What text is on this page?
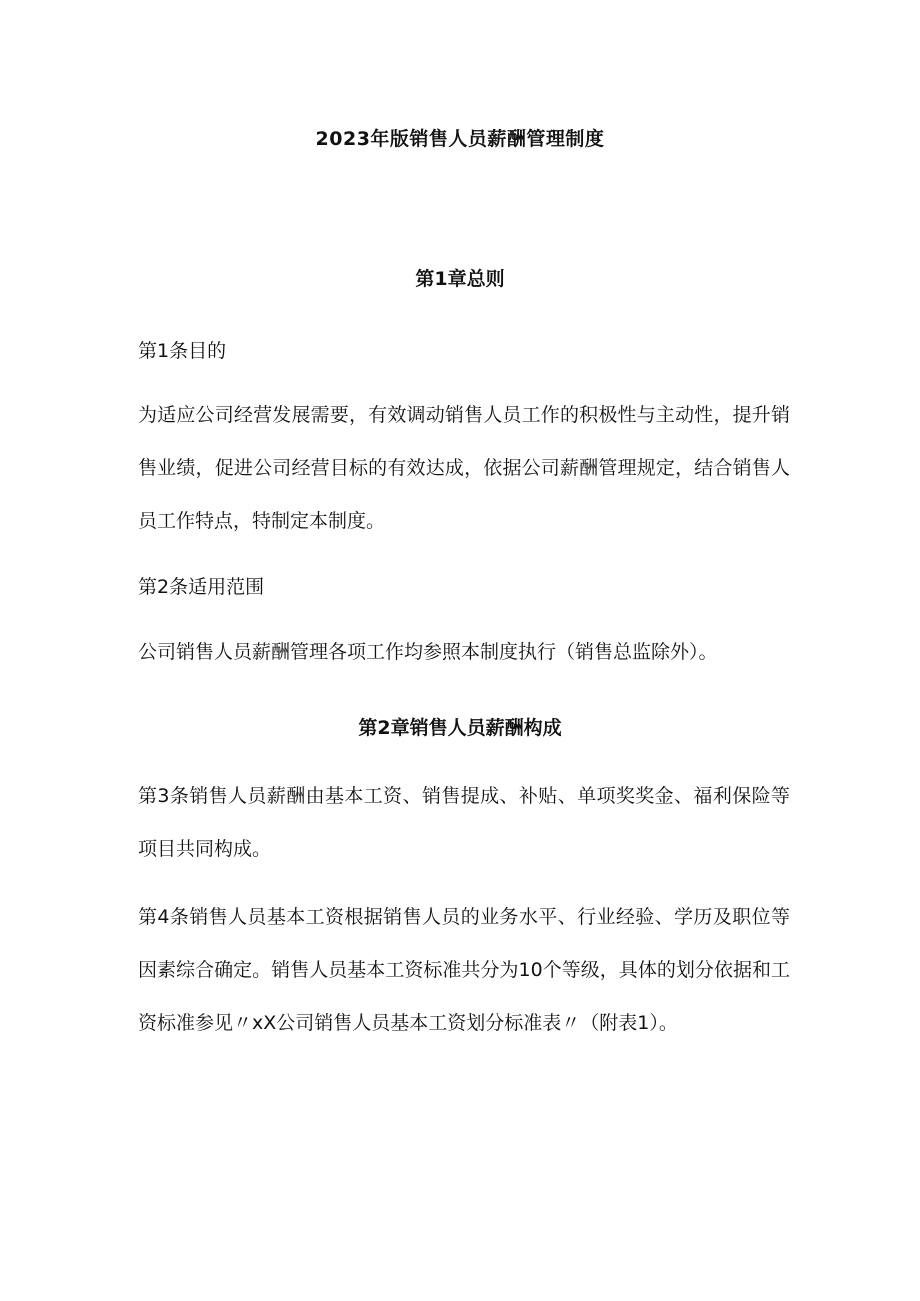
2023年版销售人员薪酬管理制度
第1章总则

第1条目的

为适应公司经营发展需要，有效调动销售人员工作的积极性与主动性，提升销售业绩，促进公司经营目标的有效达成，依据公司薪酬管理规定，结合销售人员工作特点，特制定本制度。

第2条适用范围

公司销售人员薪酬管理各项工作均参照本制度执行（销售总监除外）。

第2章销售人员薪酬构成

第3条销售人员薪酬由基本工资、销售提成、补贴、单项奖奖金、福利保险等项目共同构成。

第4条销售人员基本工资根据销售人员的业务水平、行业经验、学历及职位等因素综合确定。销售人员基本工资标准共分为10个等级，具体的划分依据和工资标准参见〃xX公司销售人员基本工资划分标准表〃（附表1）。
